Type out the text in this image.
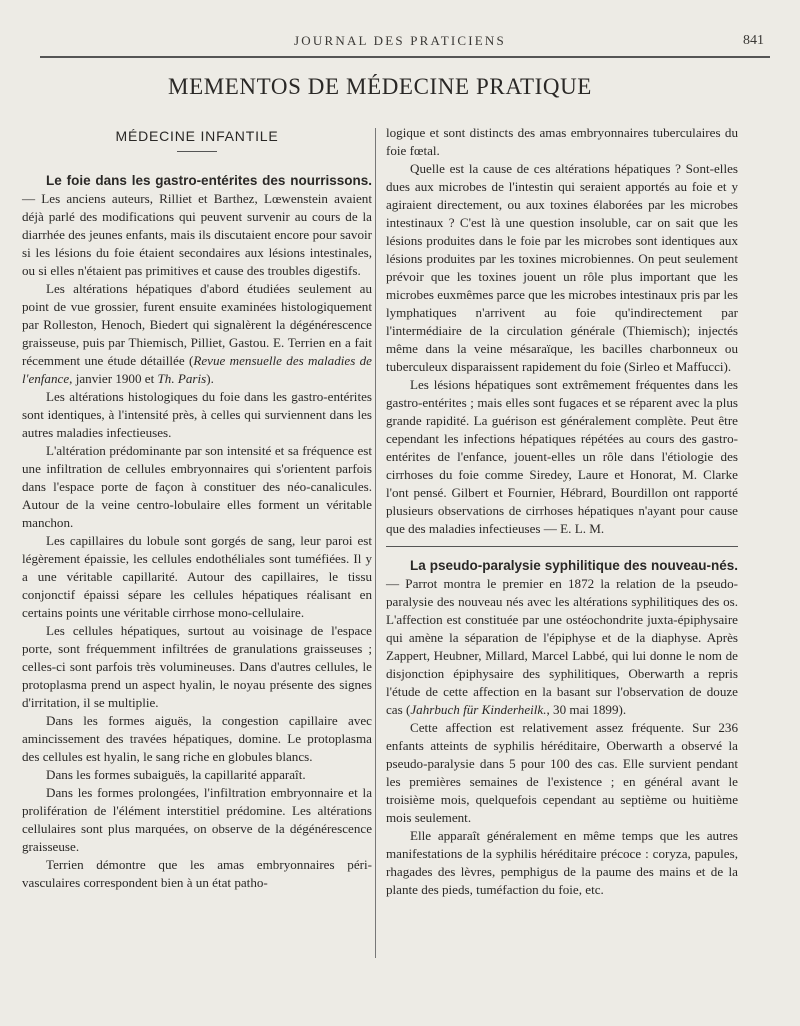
JOURNAL DES PRATICIENS	841
MEMENTOS DE MÉDECINE PRATIQUE
MÉDECINE INFANTILE

Le foie dans les gastro-entérites des nourrissons. — Les anciens auteurs, Rilliet et Barthez, Lœwenstein avaient déjà parlé des modifications qui peuvent survenir au cours de la diarrhée des jeunes enfants, mais ils discutaient encore pour savoir si les lésions du foie étaient secondaires aux lésions intestinales, ou si elles n'étaient pas primitives et cause des troubles digestifs.

Les altérations hépatiques d'abord étudiées seulement au point de vue grossier, furent ensuite examinées histologiquement par Rolleston, Henoch, Biedert qui signalèrent la dégénérescence graisseuse, puis par Thiemisch, Pilliet, Gastou. E. Terrien en a fait récemment une étude détaillée (Revue mensuelle des maladies de l'enfance, janvier 1900 et Th. Paris).

Les altérations histologiques du foie dans les gastro-entérites sont identiques, à l'intensité près, à celles qui surviennent dans les autres maladies infectieuses.

L'altération prédominante par son intensité et sa fréquence est une infiltration de cellules embryonnaires qui s'orientent parfois dans l'espace porte de façon à constituer des néo-canalicules. Autour de la veine centro-lobulaire elles forment un véritable manchon.

Les capillaires du lobule sont gorgés de sang, leur paroi est légèrement épaissie, les cellules endothéliales sont tuméfiées. Il y a une véritable capillarité. Autour des capillaires, le tissu conjonctif épaissi sépare les cellules hépatiques réalisant en certains points une véritable cirrhose mono-cellulaire.

Les cellules hépatiques, surtout au voisinage de l'espace porte, sont fréquemment infiltrées de granulations graisseuses ; celles-ci sont parfois très volumineuses. Dans d'autres cellules, le protoplasma prend un aspect hyalin, le noyau présente des signes d'irritation, il se multiplie.

Dans les formes aiguës, la congestion capillaire avec amincissement des travées hépatiques, domine. Le protoplasma des cellules est hyalin, le sang riche en globules blancs.

Dans les formes subaiguës, la capillarité apparaît.

Dans les formes prolongées, l'infiltration embryonnaire et la prolifération de l'élément interstitiel prédomine. Les altérations cellulaires sont plus marquées, on observe de la dégénérescence graisseuse.

Terrien démontre que les amas embryonnaires péri-vasculaires correspondent bien à un état patho-

logique et sont distincts des amas embryonnaires tuberculaires du foie fœtal.

Quelle est la cause de ces altérations hépatiques ? Sont-elles dues aux microbes de l'intestin qui seraient apportés au foie et y agiraient directement, ou aux toxines élaborées par les microbes intestinaux ? C'est là une question insoluble, car on sait que les lésions produites dans le foie par les microbes sont identiques aux lésions produites par les toxines microbiennes. On peut seulement prévoir que les toxines jouent un rôle plus important que les microbes euxmêmes parce que les microbes intestinaux pris par les lymphatiques n'arrivent au foie qu'indirectement par l'intermédiaire de la circulation générale (Thiemisch); injectés même dans la veine mésaraïque, les bacilles charbonneux ou tuberculeux disparaissent rapidement du foie (Sirleo et Maffucci).

Les lésions hépatiques sont extrêmement fréquentes dans les gastro-entérites ; mais elles sont fugaces et se réparent avec la plus grande rapidité. La guérison est généralement complète. Peut être cependant les infections hépatiques répétées au cours des gastro-entérites de l'enfance, jouent-elles un rôle dans l'étiologie des cirrhoses du foie comme Siredey, Laure et Honorat, M. Clarke l'ont pensé. Gilbert et Fournier, Hébrard, Bourdillon ont rapporté plusieurs observations de cirrhoses hépatiques n'ayant pour cause que des maladies infectieuses — E. L. M.

La pseudo-paralysie syphilitique des nouveau-nés. — Parrot montra le premier en 1872 la relation de la pseudo-paralysie des nouveau nés avec les altérations syphilitiques des os. L'affection est constituée par une ostéochondrite juxta-épiphysaire qui amène la séparation de l'épiphyse et de la diaphyse. Après Zappert, Heubner, Millard, Marcel Labbé, qui lui donne le nom de disjonction épiphysaire des syphilitiques, Oberwarth a repris l'étude de cette affection en la basant sur l'observation de douze cas (Jahrbuch für Kinderheilk., 30 mai 1899).

Cette affection est relativement assez fréquente. Sur 236 enfants atteints de syphilis héréditaire, Oberwarth a observé la pseudo-paralysie dans 5 pour 100 des cas. Elle survient pendant les premières semaines de l'existence ; en général avant le troisième mois, quelquefois cependant au septième ou huitième mois seulement.

Elle apparaît généralement en même temps que les autres manifestations de la syphilis héréditaire précoce : coryza, papules, rhagades des lèvres, pemphigus de la paume des mains et de la plante des pieds, tuméfaction du foie, etc.
